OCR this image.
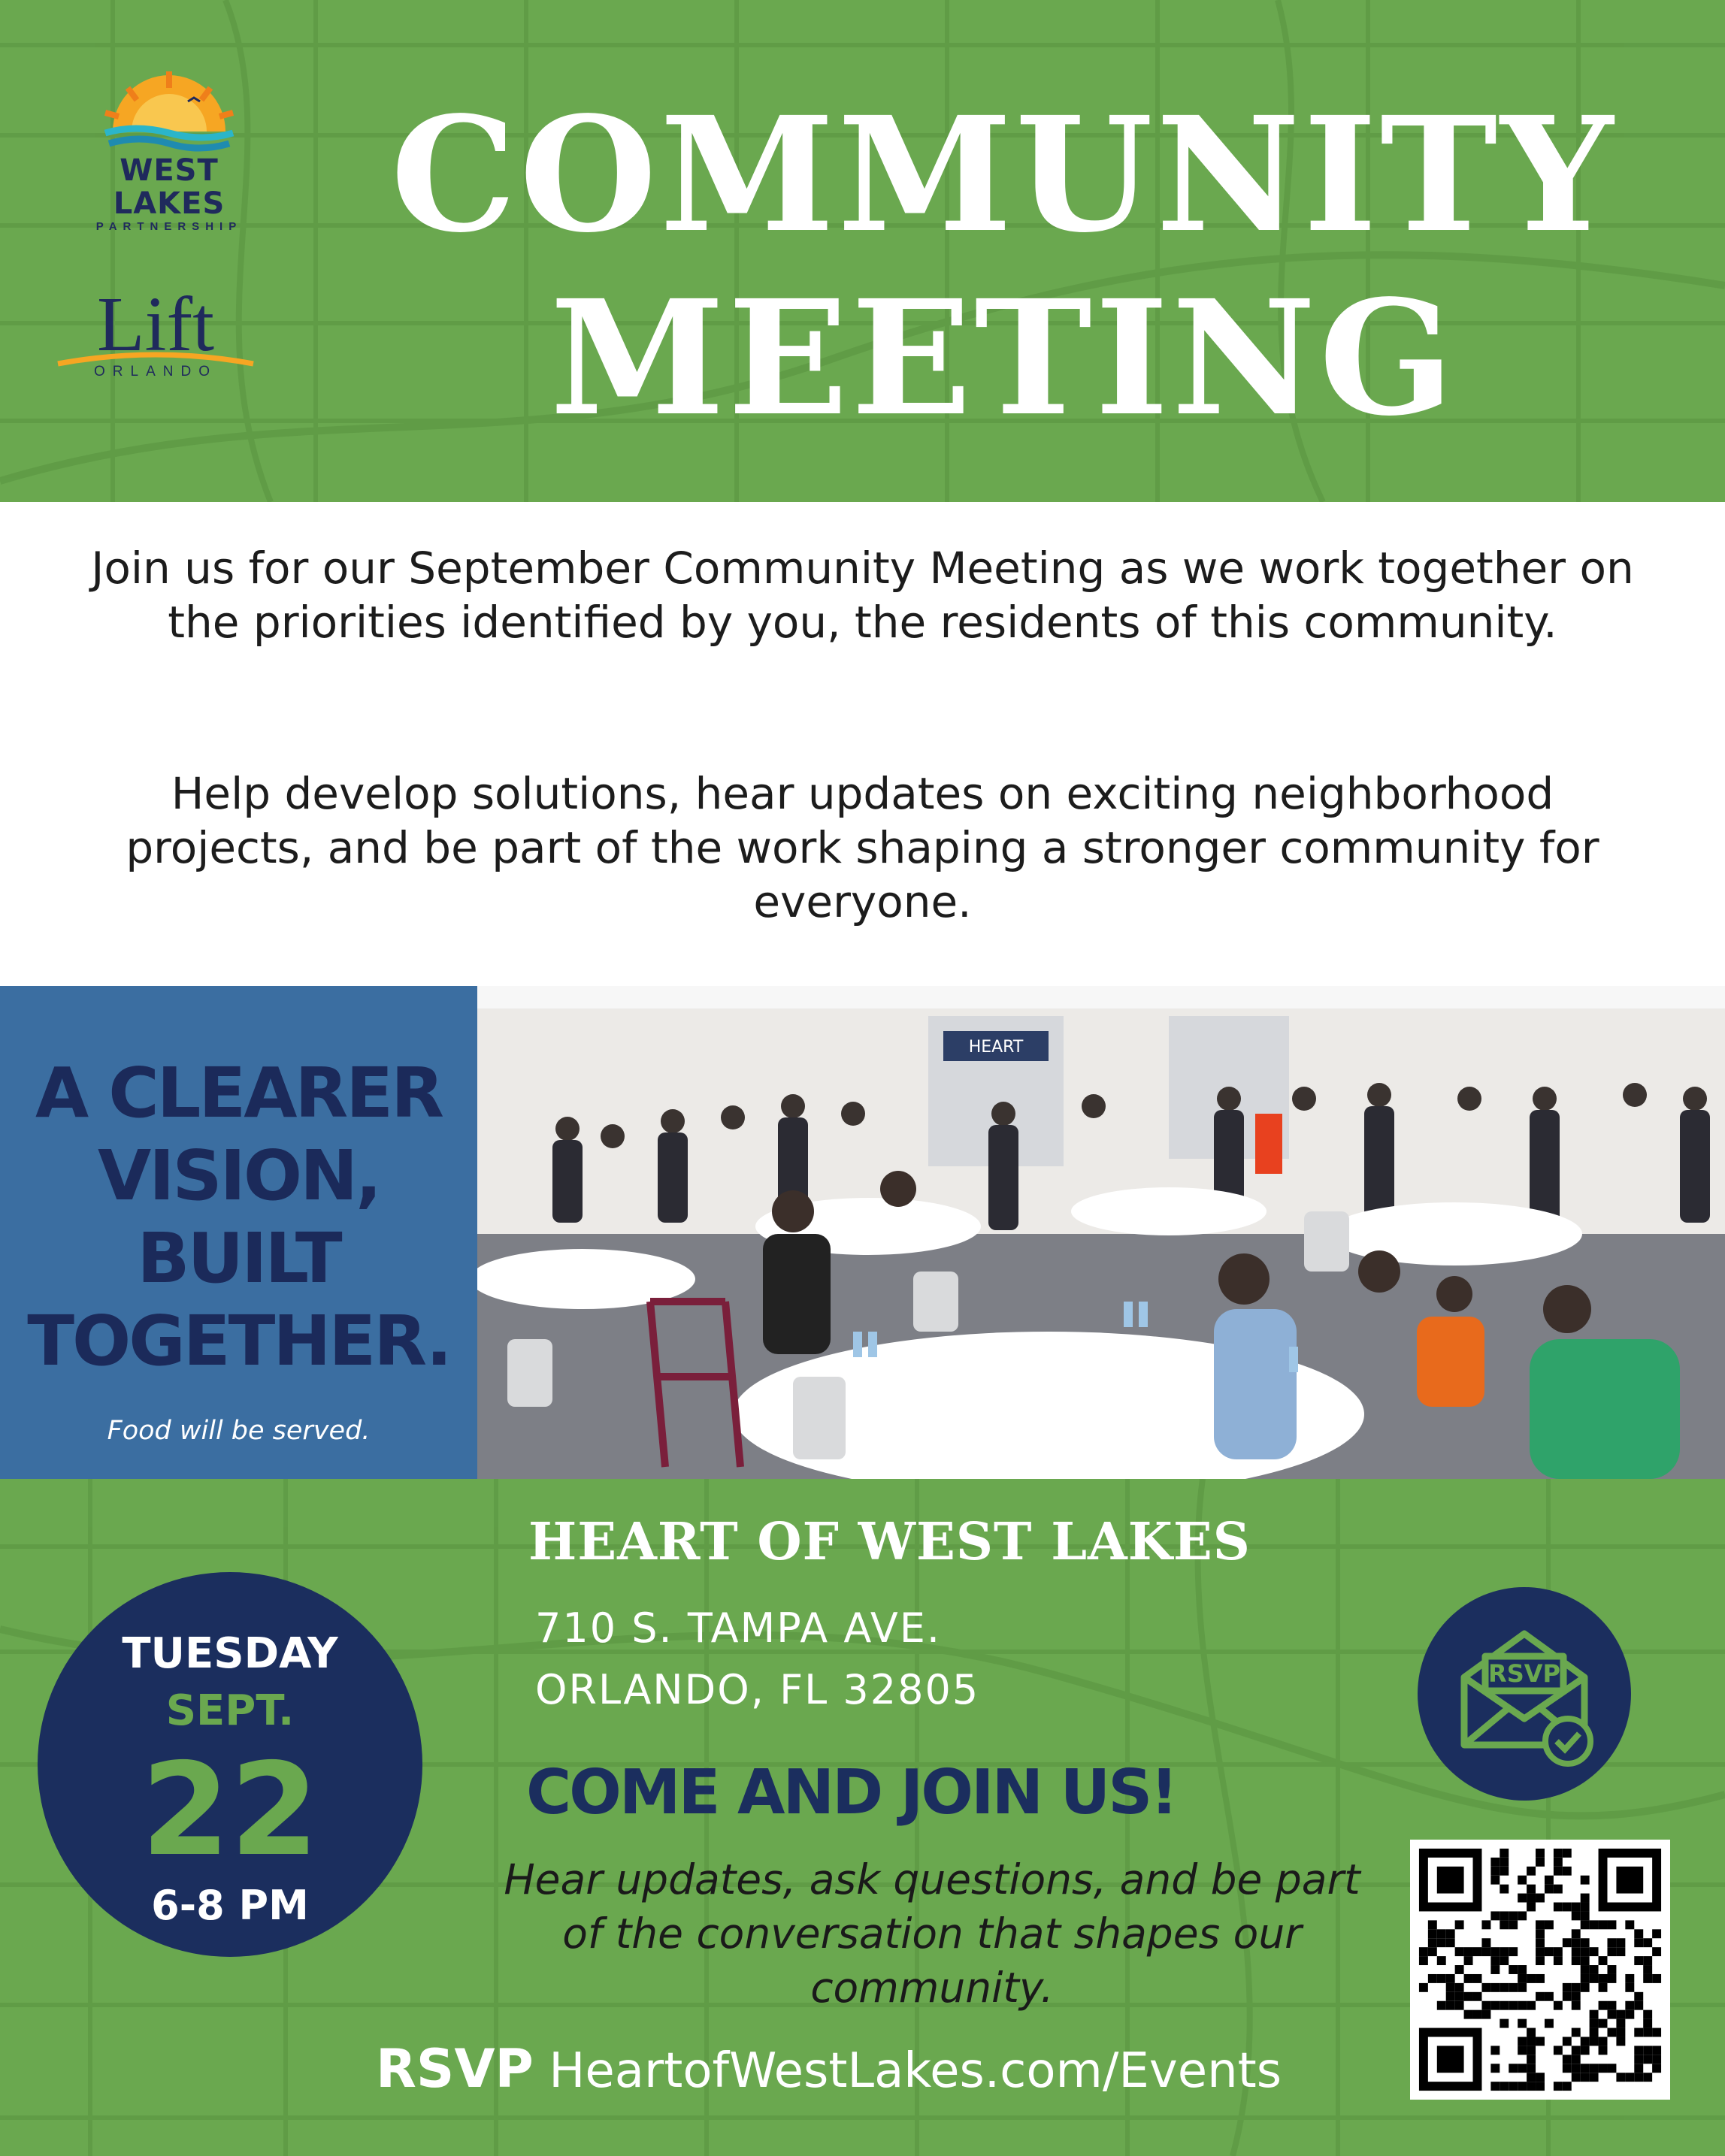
WEST LAKES
PARTNERSHIP
Lift
ORLANDO
COMMUNITY
MEETING
Join us for our September Community Meeting as we work together on the priorities identified by you, the residents of this community.
Help develop solutions, hear updates on exciting neighborhood projects, and be part of the work shaping a stronger community for everyone.
A CLEARER
VISION,
BUILT
TOGETHER.
Food will be served.
HEART
TUESDAY
SEPT.
22
6-8 PM
HEART OF WEST LAKES
710 S. TAMPA AVE.
ORLANDO, FL 32805
COME AND JOIN US!
Hear updates, ask questions, and be part of the conversation that shapes our community.
RSVP HeartofWestLakes.com/Events
RSVP
